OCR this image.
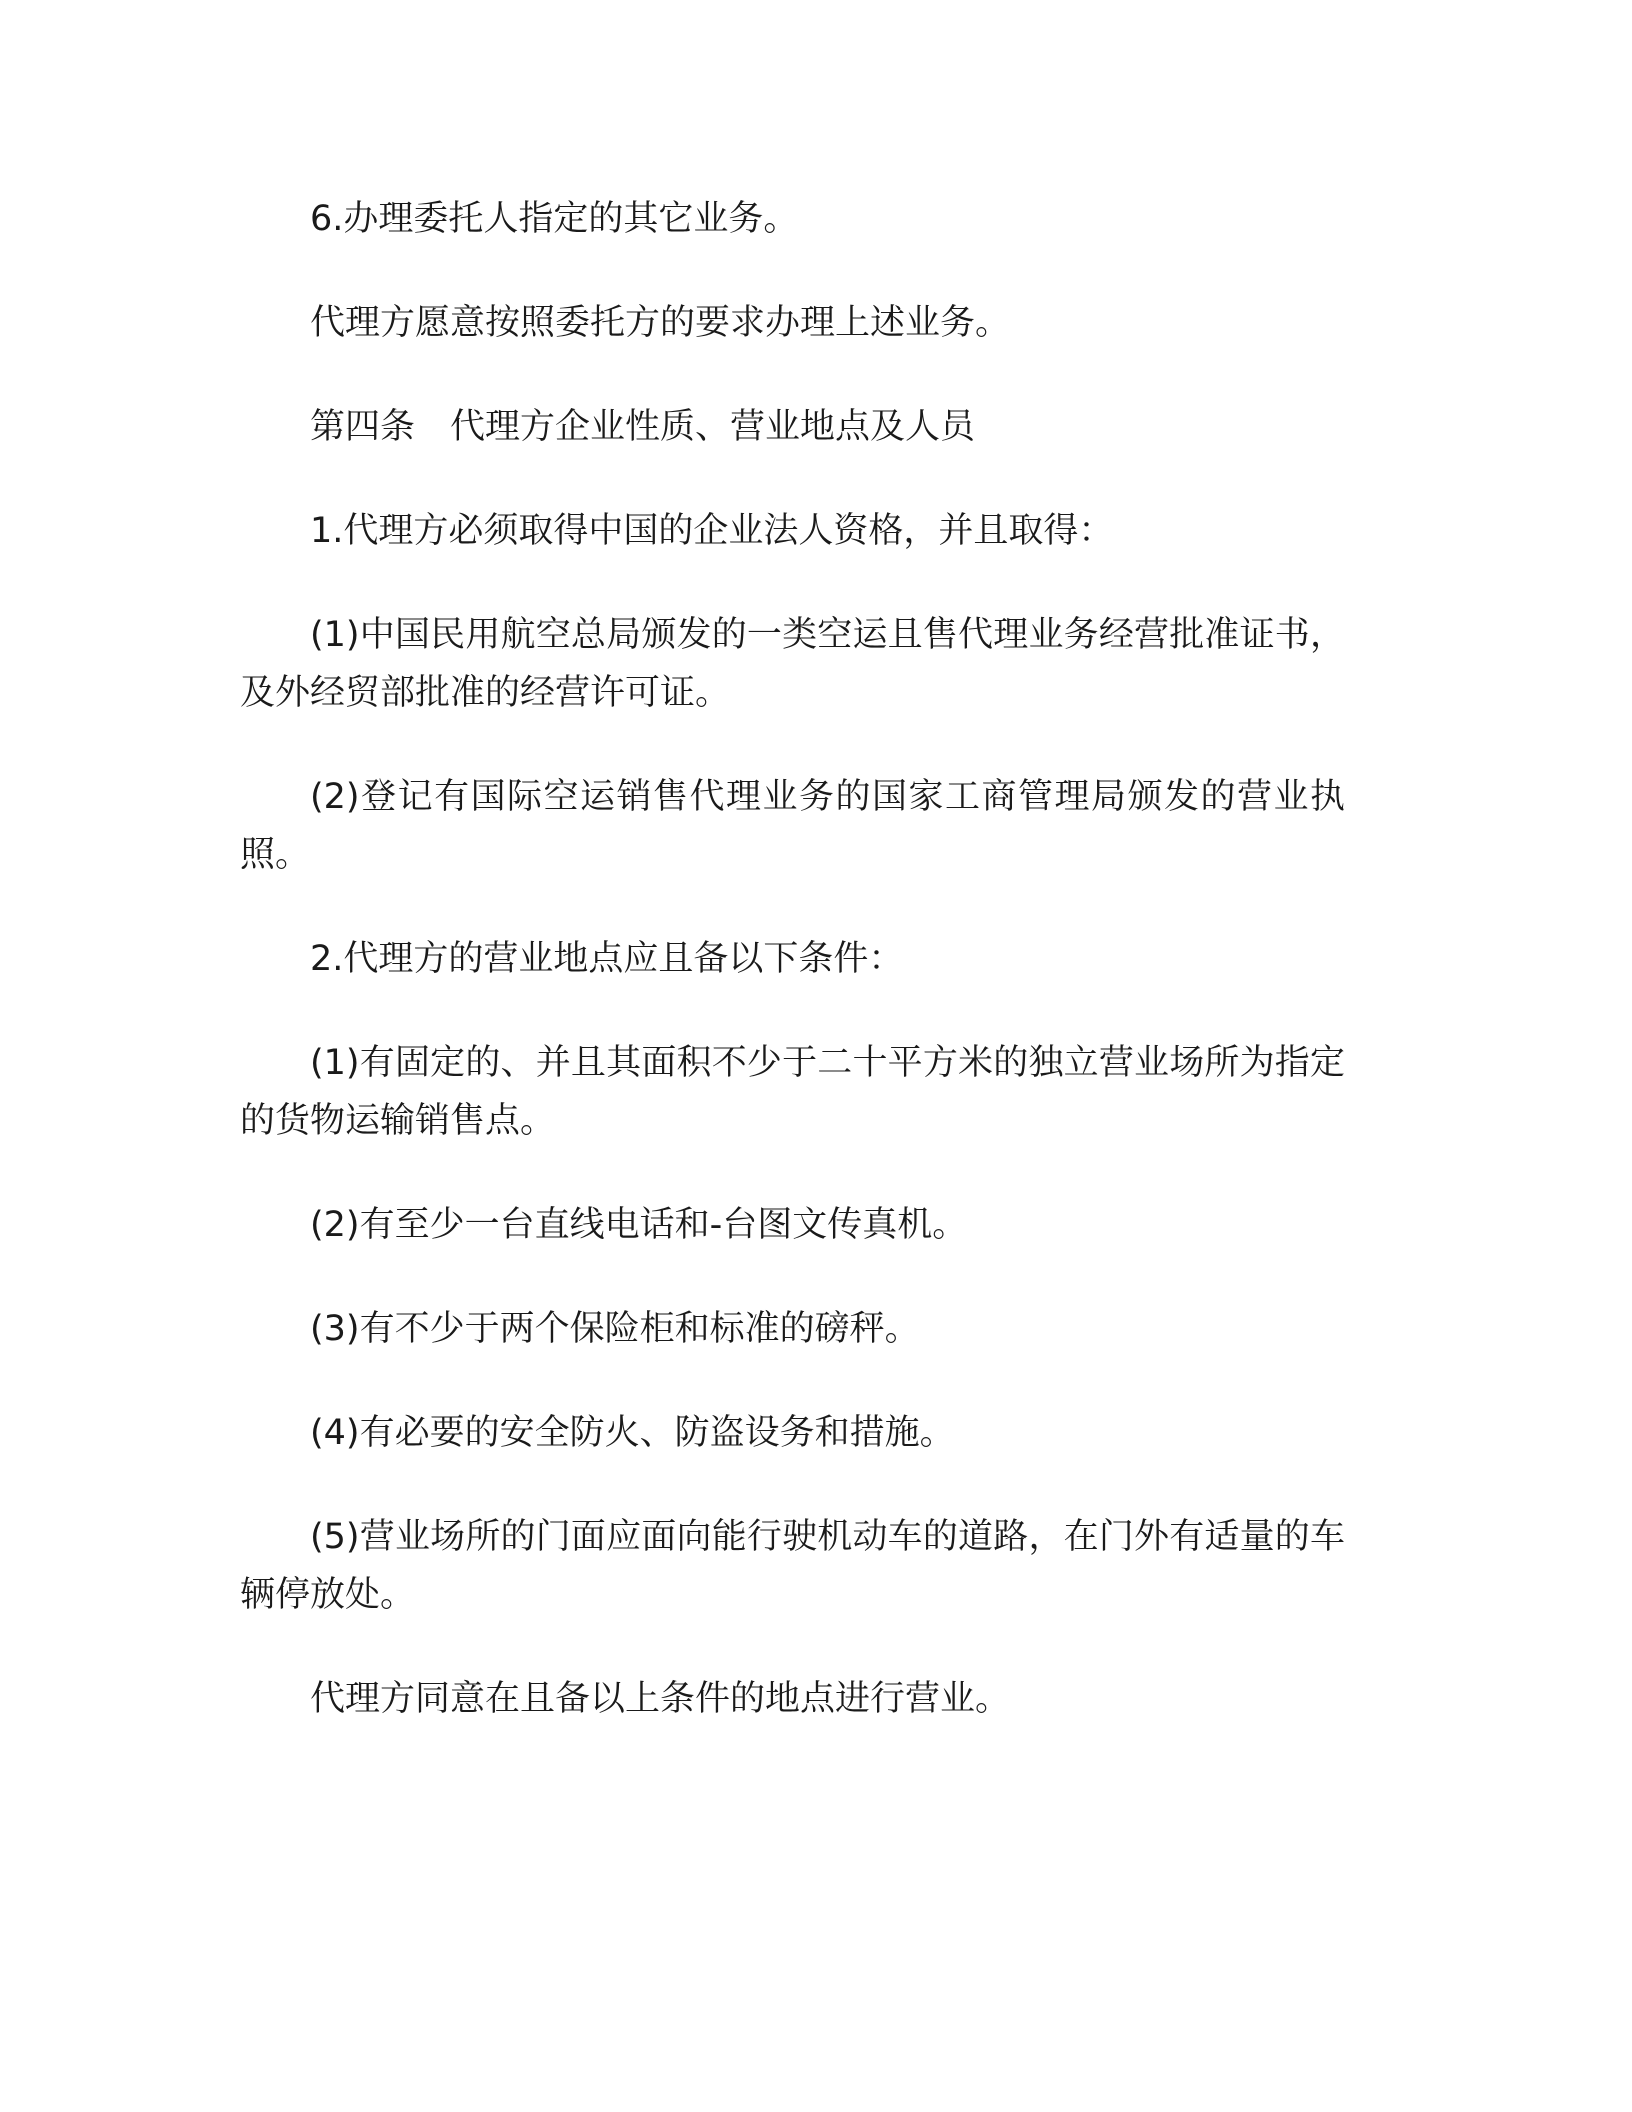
6.办理委托人指定的其它业务。

代理方愿意按照委托方的要求办理上述业务。

第四条　代理方企业性质、营业地点及人员

1.代理方必须取得中国的企业法人资格，并且取得：

(1)中国民用航空总局颁发的一类空运且售代理业务经营批准证书，及外经贸部批准的经营许可证。

(2)登记有国际空运销售代理业务的国家工商管理局颁发的营业执照。

2.代理方的营业地点应且备以下条件：

(1)有固定的、并且其面积不少于二十平方米的独立营业场所为指定的货物运输销售点。

(2)有至少一台直线电话和-台图文传真机。

(3)有不少于两个保险柜和标准的磅秤。

(4)有必要的安全防火、防盗设务和措施。

(5)营业场所的门面应面向能行驶机动车的道路，在门外有适量的车辆停放处。

代理方同意在且备以上条件的地点进行营业。
